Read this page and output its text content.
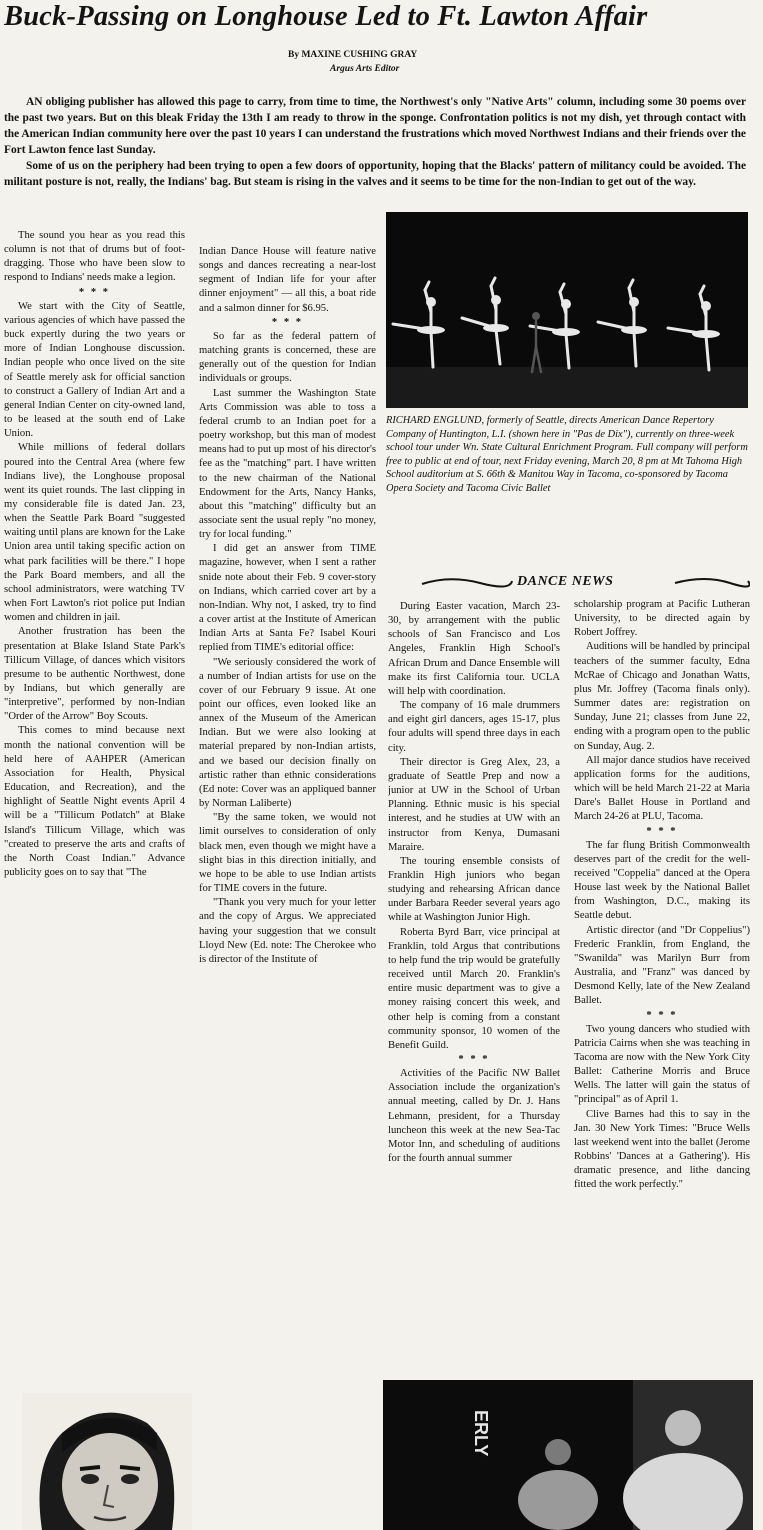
Buck-Passing on Longhouse Led to Ft. Lawton Affair
By MAXINE CUSHING GRAY
Argus Arts Editor

AN obliging publisher has allowed this page to carry, from time to time, the Northwest's only "Native Arts" column, including some 30 poems over the past two years. But on this bleak Friday the 13th I am ready to throw in the sponge. Confrontation politics is not my dish, yet through contact with the American Indian community here over the past 10 years I can understand the frustrations which moved Northwest Indians and their friends over the Fort Lawton fence last Sunday.

Some of us on the periphery had been trying to open a few doors of opportunity, hoping that the Blacks' pattern of militancy could be avoided. The militant posture is not, really, the Indians' bag. But steam is rising in the valves and it seems to be time for the non-Indian to get out of the way.

The sound you hear as you read this column is not that of drums but of foot-dragging. Those who have been slow to respond to Indians' needs make a legion.

* * *

We start with the City of Seattle, various agencies of which have passed the buck expertly during the two years or more of Indian Longhouse discussion. Indian people who once lived on the site of Seattle merely ask for official sanction to construct a Gallery of Indian Art and a general Indian Center on city-owned land, to be leased at the south end of Lake Union.

While millions of federal dollars poured into the Central Area (where few Indians live), the Longhouse proposal went its quiet rounds. The last clipping in my considerable file is dated Jan. 23, when the Seattle Park Board "suggested waiting until plans are known for the Lake Union area until taking specific action on what park facilities will be there." I hope the Park Board members, and all the school administrators, were watching TV when Fort Lawton's riot police put Indian women and children in jail.

Another frustration has been the presentation at Blake Island State Park's Tillicum Village, of dances which visitors presume to be authentic Northwest, done by Indians, but which generally are "interpretive", performed by non-Indian "Order of the Arrow" Boy Scouts.

This comes to mind because next month the national convention will be held here of AAHPER (American Association for Health, Physical Education, and Recreation), and the highlight of Seattle Night events April 4 will be a "Tillicum Potlatch" at Blake Island's Tillicum Village, which was "created to preserve the arts and crafts of the North Coast Indian." Advance publicity goes on to say that "The

Indian Dance House will feature native songs and dances recreating a near-lost segment of Indian life for your after dinner enjoyment" — all this, a boat ride and a salmon dinner for $6.95.

* * *

So far as the federal pattern of matching grants is concerned, these are generally out of the question for Indian individuals or groups.

Last summer the Washington State Arts Commission was able to toss a federal crumb to an Indian poet for a poetry workshop, but this man of modest means had to put up most of his director's fee as the "matching" part. I have written to the new chairman of the National Endowment for the Arts, Nancy Hanks, about this "matching" difficulty but an associate sent the usual reply "no money, try for local funding."

I did get an answer from TIME magazine, however, when I sent a rather snide note about their Feb. 9 cover-story on Indians, which carried cover art by a non-Indian. Why not, I asked, try to find a cover artist at the Institute of American Indian Arts at Santa Fe? Isabel Kouri replied from TIME's editorial office:

"We seriously considered the work of a number of Indian artists for use on the cover of our February 9 issue. At one point our offices, even looked like an annex of the Museum of the American Indian. But we were also looking at material prepared by non-Indian artists, and we based our decision finally on artistic rather than ethnic considerations (Ed note: Cover was an appliqued banner by Norman Laliberte)

"By the same token, we would not limit ourselves to consideration of only black men, even though we might have a slight bias in this direction initially, and we hope to be able to use Indian artists for TIME covers in the future.

"Thank you very much for your letter and the copy of Argus. We appreciated having your suggestion that we consult Lloyd New (Ed. note: The Cherokee who is director of the Institute of

RICHARD ENGLUND, formerly of Seattle, directs American Dance Repertory Company of Huntington, L.I. (shown here in "Pas de Dix"), currently on three-week school tour under Wn. State Cultural Enrichment Program. Full company will perform free to public at end of tour, next Friday evening, March 20, 8 pm at Mt Tahoma High School auditorium at S. 66th & Manitou Way in Tacoma, co-sponsored by Tacoma Opera Society and Tacoma Civic Ballet
DANCE NEWS

During Easter vacation, March 23-30, by arrangement with the public schools of San Francisco and Los Angeles, Franklin High School's African Drum and Dance Ensemble will make its first California tour. UCLA will help with coordination.

The company of 16 male drummers and eight girl dancers, ages 15-17, plus four adults will spend three days in each city.

Their director is Greg Alex, 23, a graduate of Seattle Prep and now a junior at UW in the School of Urban Planning. Ethnic music is his special interest, and he studies at UW with an instructor from Kenya, Dumasani Maraire.

The touring ensemble consists of Franklin High juniors who began studying and rehearsing African dance under Barbara Reeder several years ago while at Washington Junior High.

Roberta Byrd Barr, vice principal at Franklin, told Argus that contributions to help fund the trip would be gratefully received until March 20. Franklin's entire music department was to give a money raising concert this week, and other help is coming from a constant community sponsor, 10 women of the Benefit Guild.

* * *

Activities of the Pacific NW Ballet Association include the organization's annual meeting, called by Dr. J. Hans Lehmann, president, for a Thursday luncheon this week at the new Sea-Tac Motor Inn, and scheduling of auditions for the fourth annual summer

scholarship program at Pacific Lutheran University, to be directed again by Robert Joffrey.

Auditions will be handled by principal teachers of the summer faculty, Edna McRae of Chicago and Jonathan Watts, plus Mr. Joffrey (Tacoma finals only). Summer dates are: registration on Sunday, June 21; classes from June 22, ending with a program open to the public on Sunday, Aug. 2.

All major dance studios have received application forms for the auditions, which will be held March 21-22 at Maria Dare's Ballet House in Portland and March 24-26 at PLU, Tacoma.

* * *

The far flung British Commonwealth deserves part of the credit for the well-received "Coppelia" danced at the Opera House last week by the National Ballet from Washington, D.C., making its Seattle debut.

Artistic director (and "Dr Coppelius") Frederic Franklin, from England, the "Swanilda" was Marilyn Burr from Australia, and "Franz" was danced by Desmond Kelly, late of the New Zealand Ballet.

* * *

Two young dancers who studied with Patricia Cairns when she was teaching in Tacoma are now with the New York City Ballet: Catherine Morris and Bruce Wells. The latter will gain the status of "principal" as of April 1.

Clive Barnes had this to say in the Jan. 30 New York Times: "Bruce Wells last weekend went into the ballet (Jerome Robbins' 'Dances at a Gathering'). His dramatic presence, and lithe dancing fitted the work perfectly."

ERLY
